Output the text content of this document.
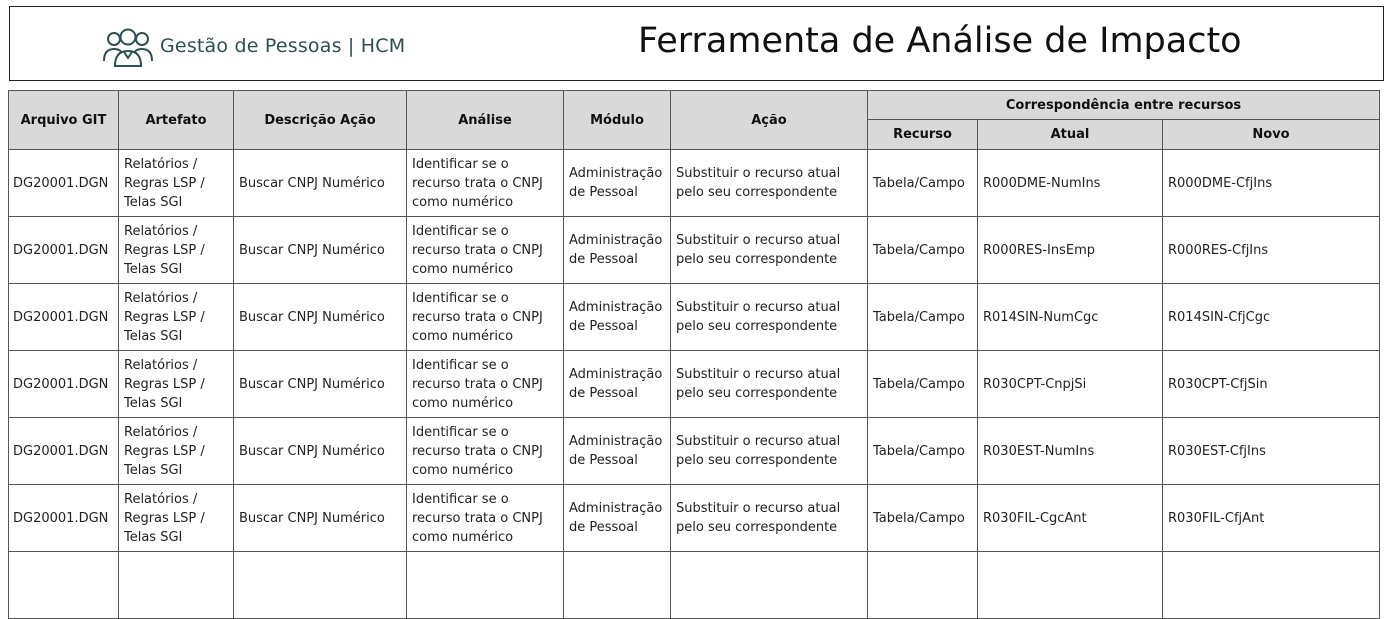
Gestão de Pessoas | HCM	Ferramenta de Análise de Impacto
Arquivo GIT	Artefato	Descrição Ação	Análise	Módulo	Ação	Correspondência entre recursos		
						Recurso	Atual	Novo
DG20001.DGN	Relatórios / Regras LSP / Telas SGI	Buscar CNPJ Numérico	Identificar se o recurso trata o CNPJ como numérico	Administração de Pessoal	Substituir o recurso atual pelo seu correspondente	Tabela/Campo	R000DME-NumIns	R000DME-CfjIns
DG20001.DGN	Relatórios / Regras LSP / Telas SGI	Buscar CNPJ Numérico	Identificar se o recurso trata o CNPJ como numérico	Administração de Pessoal	Substituir o recurso atual pelo seu correspondente	Tabela/Campo	R000RES-InsEmp	R000RES-CfjIns
DG20001.DGN	Relatórios / Regras LSP / Telas SGI	Buscar CNPJ Numérico	Identificar se o recurso trata o CNPJ como numérico	Administração de Pessoal	Substituir o recurso atual pelo seu correspondente	Tabela/Campo	R014SIN-NumCgc	R014SIN-CfjCgc
DG20001.DGN	Relatórios / Regras LSP / Telas SGI	Buscar CNPJ Numérico	Identificar se o recurso trata o CNPJ como numérico	Administração de Pessoal	Substituir o recurso atual pelo seu correspondente	Tabela/Campo	R030CPT-CnpjSi	R030CPT-CfjSin
DG20001.DGN	Relatórios / Regras LSP / Telas SGI	Buscar CNPJ Numérico	Identificar se o recurso trata o CNPJ como numérico	Administração de Pessoal	Substituir o recurso atual pelo seu correspondente	Tabela/Campo	R030EST-NumIns	R030EST-CfjIns
DG20001.DGN	Relatórios / Regras LSP / Telas SGI	Buscar CNPJ Numérico	Identificar se o recurso trata o CNPJ como numérico	Administração de Pessoal	Substituir o recurso atual pelo seu correspondente	Tabela/Campo	R030FIL-CgcAnt	R030FIL-CfjAnt
